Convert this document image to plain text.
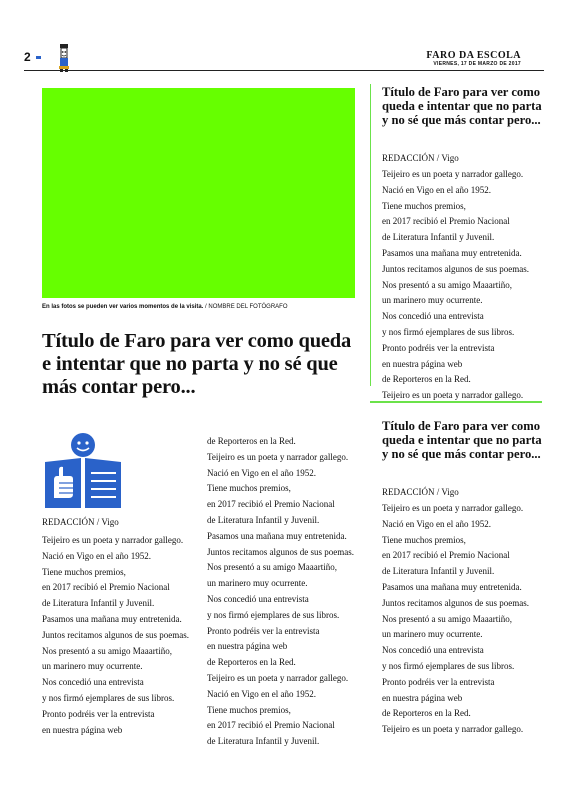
2	FARO DA ESCOLA
VIERNES, 17 DE MARZO DE 2017
En las fotos se pueden ver varios momentos de la visita. / NOMBRE DEL FOTÓGRAFO
Título de Faro para ver como queda e intentar que no parta y no sé que más contar pero...
REDACCIÓN / Vigo
Teijeiro es un poeta y narrador gallego.
Nació en Vigo en el año 1952.
Tiene muchos premios,
en 2017 recibió el Premio Nacional
de Literatura Infantil y Juvenil.
Pasamos una mañana muy entretenida.
Juntos recitamos algunos de sus poemas.
Nos presentó a su amigo Maaartiño,
un marinero muy ocurrente.
Nos concedió una entrevista
y nos firmó ejemplares de sus libros.
Pronto podréis ver la entrevista
en nuestra página web
de Reporteros en la Red.
Teijeiro es un poeta y narrador gallego.
Nació en Vigo en el año 1952.
Tiene muchos premios,
en 2017 recibió el Premio Nacional
de Literatura Infantil y Juvenil.
Pasamos una mañana muy entretenida.
Juntos recitamos algunos de sus poemas.
Nos presentó a su amigo Maaartiño,
un marinero muy ocurrente.
Nos concedió una entrevista
y nos firmó ejemplares de sus libros.
Pronto podréis ver la entrevista
en nuestra página web
de Reporteros en la Red.
Teijeiro es un poeta y narrador gallego.
Nació en Vigo en el año 1952.
Tiene muchos premios,
en 2017 recibió el Premio Nacional
de Literatura Infantil y Juvenil.
Título de Faro para ver como queda e intentar que no parta y no sé que más contar pero...
REDACCIÓN / Vigo
Teijeiro es un poeta y narrador gallego.
Nació en Vigo en el año 1952.
Tiene muchos premios,
en 2017 recibió el Premio Nacional
de Literatura Infantil y Juvenil.
Pasamos una mañana muy entretenida.
Juntos recitamos algunos de sus poemas.
Nos presentó a su amigo Maaartiño,
un marinero muy ocurrente.
Nos concedió una entrevista
y nos firmó ejemplares de sus libros.
Pronto podréis ver la entrevista
en nuestra página web
de Reporteros en la Red.
Teijeiro es un poeta y narrador gallego.
Título de Faro para ver como queda e intentar que no parta y no sé que más contar pero...
REDACCIÓN / Vigo
Teijeiro es un poeta y narrador gallego.
Nació en Vigo en el año 1952.
Tiene muchos premios,
en 2017 recibió el Premio Nacional
de Literatura Infantil y Juvenil.
Pasamos una mañana muy entretenida.
Juntos recitamos algunos de sus poemas.
Nos presentó a su amigo Maaartiño,
un marinero muy ocurrente.
Nos concedió una entrevista
y nos firmó ejemplares de sus libros.
Pronto podréis ver la entrevista
en nuestra página web
de Reporteros en la Red.
Teijeiro es un poeta y narrador gallego.
